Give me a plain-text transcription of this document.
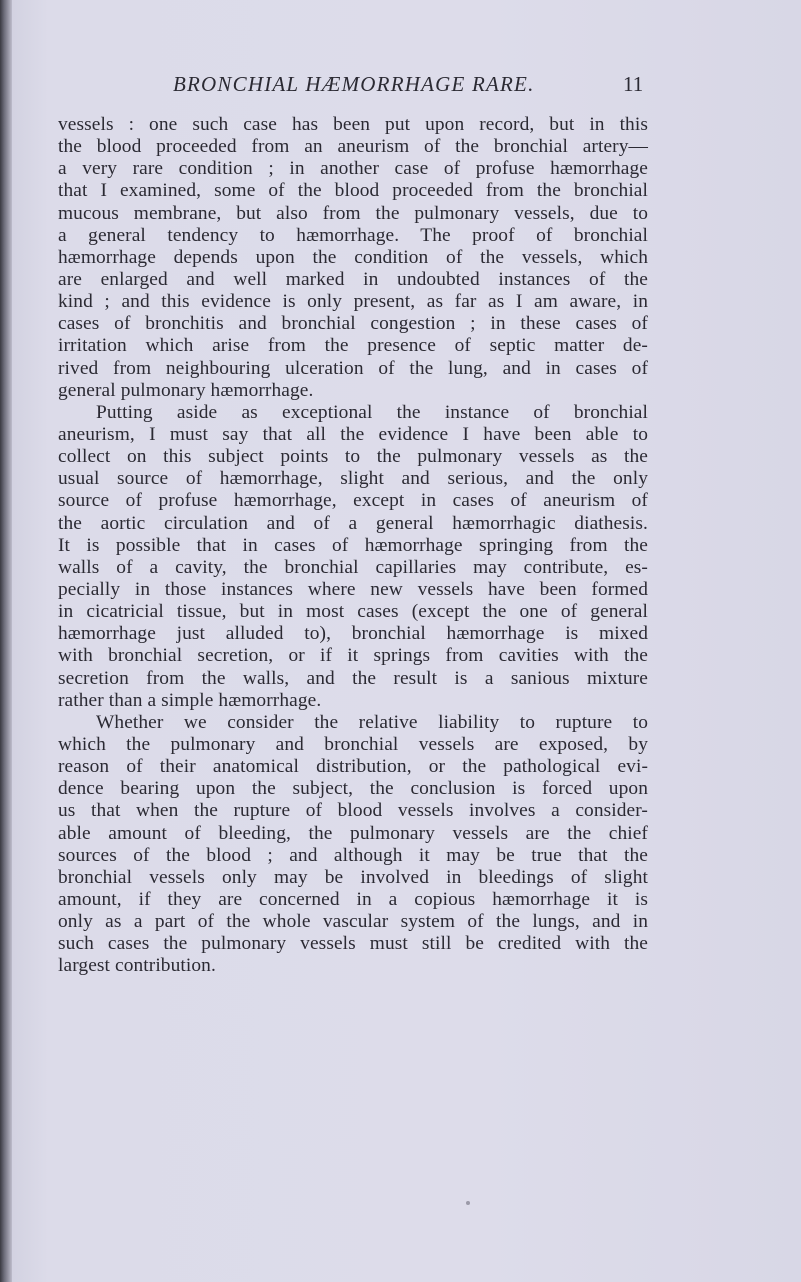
BRONCHIAL HÆMORRHAGE RARE.	11
vessels : one such case has been put upon record, but in this
the blood proceeded from an aneurism of the bronchial artery—
a very rare condition ; in another case of profuse hæmorrhage
that I examined, some of the blood proceeded from the bronchial
mucous membrane, but also from the pulmonary vessels, due to
a general tendency to hæmorrhage. The proof of bronchial
hæmorrhage depends upon the condition of the vessels, which
are enlarged and well marked in undoubted instances of the
kind ; and this evidence is only present, as far as I am aware, in
cases of bronchitis and bronchial congestion ; in these cases of
irritation which arise from the presence of septic matter de-
rived from neighbouring ulceration of the lung, and in cases of
general pulmonary hæmorrhage.
Putting aside as exceptional the instance of bronchial
aneurism, I must say that all the evidence I have been able to
collect on this subject points to the pulmonary vessels as the
usual source of hæmorrhage, slight and serious, and the only
source of profuse hæmorrhage, except in cases of aneurism of
the aortic circulation and of a general hæmorrhagic diathesis.
It is possible that in cases of hæmorrhage springing from the
walls of a cavity, the bronchial capillaries may contribute, es-
pecially in those instances where new vessels have been formed
in cicatricial tissue, but in most cases (except the one of general
hæmorrhage just alluded to), bronchial hæmorrhage is mixed
with bronchial secretion, or if it springs from cavities with the
secretion from the walls, and the result is a sanious mixture
rather than a simple hæmorrhage.
Whether we consider the relative liability to rupture to
which the pulmonary and bronchial vessels are exposed, by
reason of their anatomical distribution, or the pathological evi-
dence bearing upon the subject, the conclusion is forced upon
us that when the rupture of blood vessels involves a consider-
able amount of bleeding, the pulmonary vessels are the chief
sources of the blood ; and although it may be true that the
bronchial vessels only may be involved in bleedings of slight
amount, if they are concerned in a copious hæmorrhage it is
only as a part of the whole vascular system of the lungs, and in
such cases the pulmonary vessels must still be credited with the
largest contribution.
